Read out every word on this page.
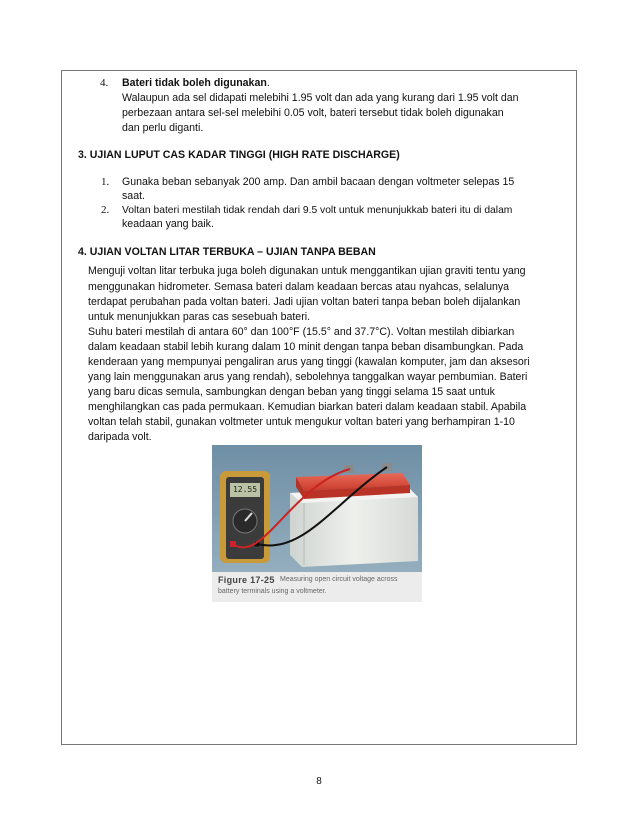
4. Bateri tidak boleh digunakan.
Walaupun ada sel didapati melebihi 1.95 volt dan ada yang kurang dari 1.95 volt dan
perbezaan antara sel-sel melebihi 0.05 volt, bateri tersebut tidak boleh digunakan
dan perlu diganti.
3. UJIAN LUPUT CAS KADAR TINGGI (HIGH RATE DISCHARGE)
1. Gunaka beban sebanyak 200 amp. Dan ambil bacaan dengan voltmeter selepas 15
saat.
2. Voltan bateri mestilah tidak rendah dari 9.5 volt untuk menunjukkab bateri itu di dalam
keadaan yang baik.
4. UJIAN VOLTAN LITAR TERBUKA – UJIAN TANPA BEBAN
Menguji voltan litar terbuka juga boleh digunakan untuk menggantikan ujian graviti tentu yang
menggunakan hidrometer. Semasa bateri dalam keadaan bercas atau nyahcas, selalunya
terdapat perubahan pada voltan bateri. Jadi ujian voltan bateri tanpa beban boleh dijalankan
untuk menunjukkan paras cas sesebuah bateri.
Suhu bateri mestilah di antara 60° dan 100°F (15.5° and 37.7°C). Voltan mestilah dibiarkan
dalam keadaan stabil lebih kurang dalam 10 minit dengan tanpa beban disambungkan. Pada
kenderaan yang mempunyai pengaliran arus yang tinggi (kawalan komputer, jam dan aksesori
yang lain menggunakan arus yang rendah), sebolehnya tanggalkan wayar pembumian. Bateri
yang baru dicas semula, sambungkan dengan beban yang tinggi selama 15 saat untuk
menghilangkan cas pada permukaan. Kemudian biarkan bateri dalam keadaan stabil. Apabila
voltan telah stabil, gunakan voltmeter untuk mengukur voltan bateri yang berhampiran 1-10
daripada volt.
12.55
Figure 17-25 Measuring open circuit voltage across
battery terminals using a voltmeter.
8
